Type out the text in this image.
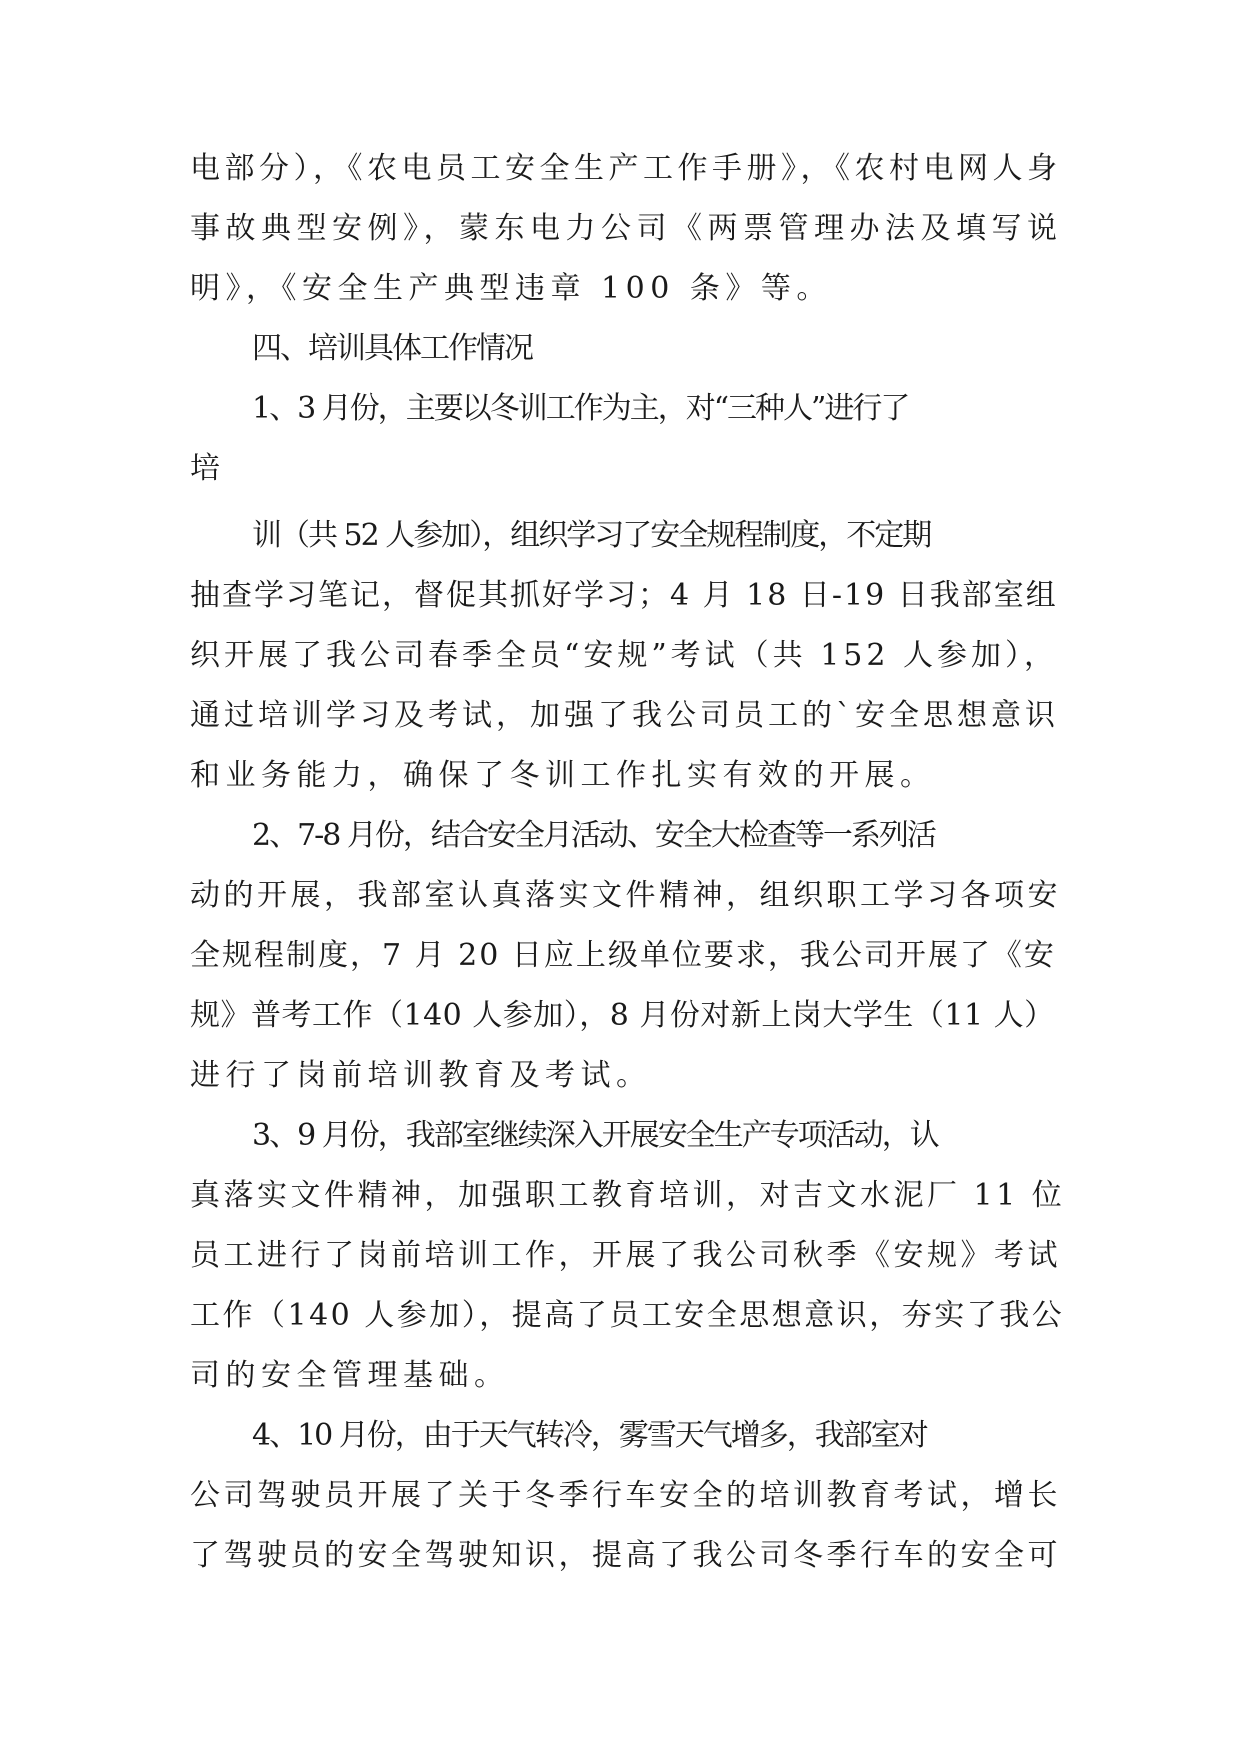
电部分），《农电员工安全生产工作手册》，《农村电网人身
事故典型安例》，蒙东电力公司《两票管理办法及填写说
明》，《安全生产典型违章 100 条》等。
四、培训具体工作情况
1、3 月份，主要以冬训工作为主，对“三种人”进行了
培
训（共 52 人参加），组织学习了安全规程制度，不定期
抽查学习笔记，督促其抓好学习；4 月 18 日-19 日我部室组
织开展了我公司春季全员“安规”考试（共 152 人参加），
通过培训学习及考试，加强了我公司员工的`安全思想意识
和业务能力，确保了冬训工作扎实有效的开展。
2、7-8 月份，结合安全月活动、安全大检查等一系列活
动的开展，我部室认真落实文件精神，组织职工学习各项安
全规程制度，7 月 20 日应上级单位要求，我公司开展了《安
规》普考工作（140 人参加），8 月份对新上岗大学生（11 人）
进行了岗前培训教育及考试。
3、9 月份，我部室继续深入开展安全生产专项活动，认
真落实文件精神，加强职工教育培训，对吉文水泥厂 11 位
员工进行了岗前培训工作，开展了我公司秋季《安规》考试
工作（140 人参加），提高了员工安全思想意识，夯实了我公
司的安全管理基础。
4、10 月份，由于天气转冷，雾雪天气增多，我部室对
公司驾驶员开展了关于冬季行车安全的培训教育考试，增长
了驾驶员的安全驾驶知识，提高了我公司冬季行车的安全可
